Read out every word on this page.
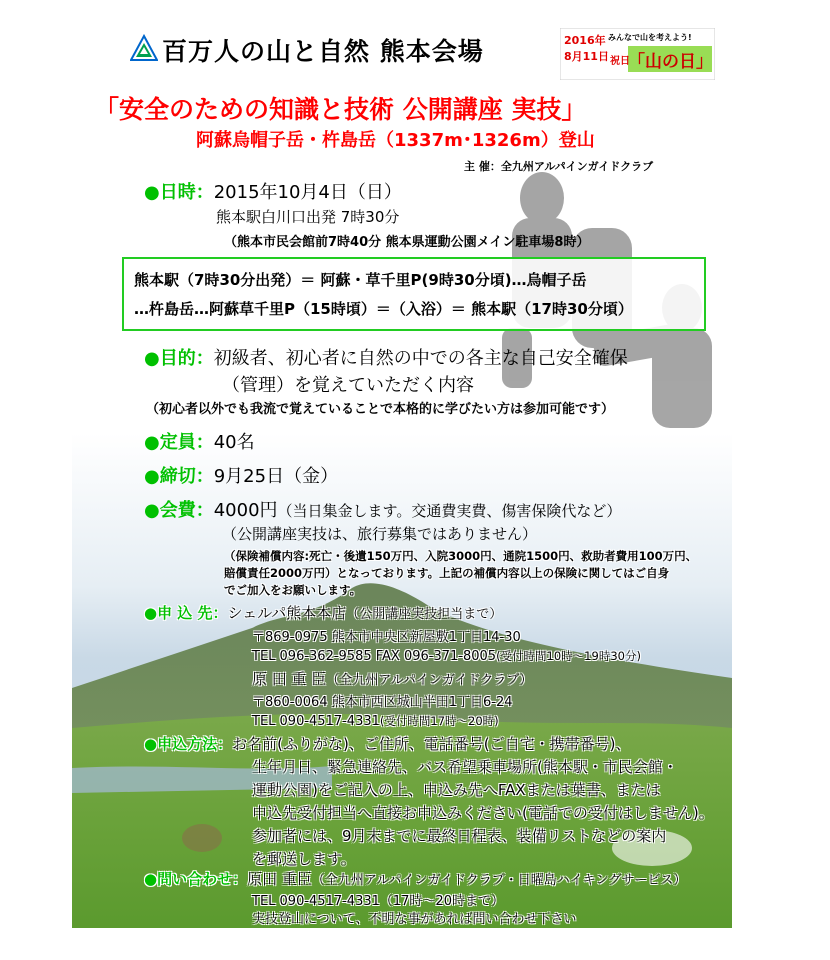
百万人の山と自然 熊本会場	2016年
8月11日 祝日
「山の日」
みんなで山を考えよう!
「安全のための知識と技術 公開講座 実技」
阿蘇烏帽子岳・杵島岳（1337m･1326m）登山
主 催：全九州アルパインガイドクラブ
●日時：2015年10月4日（日）
熊本駅白川口出発 7時30分
（熊本市民会館前7時40分 熊本県運動公園メイン駐車場8時）
熊本駅（7時30分出発）＝ 阿蘇・草千里P(9時30分頃)…烏帽子岳
…杵島岳…阿蘇草千里P（15時頃）＝（入浴）＝ 熊本駅（17時30分頃）
●目的：初級者、初心者に自然の中での各主な自己安全確保
（管理）を覚えていただく内容
（初心者以外でも我流で覚えていることで本格的に学びたい方は参加可能です）
●定員：40名
●締切：9月25日（金）
●会費：4000円（当日集金します。交通費実費、傷害保険代など）
（公開講座実技は、旅行募集ではありません）
（保険補償内容:死亡・後遺150万円、入院3000円、通院1500円、救助者費用100万円、
賠償責任2000万円）となっております。上記の補償内容以上の保険に関してはご自身
でご加入をお願いします。
●申 込 先：シェルパ熊本本店（公開講座実技担当まで）
〒869-0975 熊本市中央区新屋敷1丁目14-30
TEL 096-362-9585 FAX 096-371-8005(受付時間10時～19時30分)
原 田 重 臣（全九州アルパインガイドクラブ）
〒860-0064 熊本市西区城山半田1丁目6-24
TEL 090-4517-4331(受付時間17時～20時)
●申込方法：お名前(ふりがな)、ご住所、電話番号(ご自宅・携帯番号)、
生年月日、緊急連絡先、バス希望乗車場所(熊本駅・市民会館・
運動公園)をご記入の上、申込み先へFAXまたは葉書、または
申込先受付担当へ直接お申込みください(電話での受付はしません)。
参加者には、9月末までに最終日程表、装備リストなどの案内
を郵送します。
●問い合わせ：原田 重臣（全九州アルパインガイドクラブ・日曜島ハイキングサービス）
TEL 090-4517-4331（17時～20時まで）
実技登山について、不明な事があれば問い合わせ下さい
